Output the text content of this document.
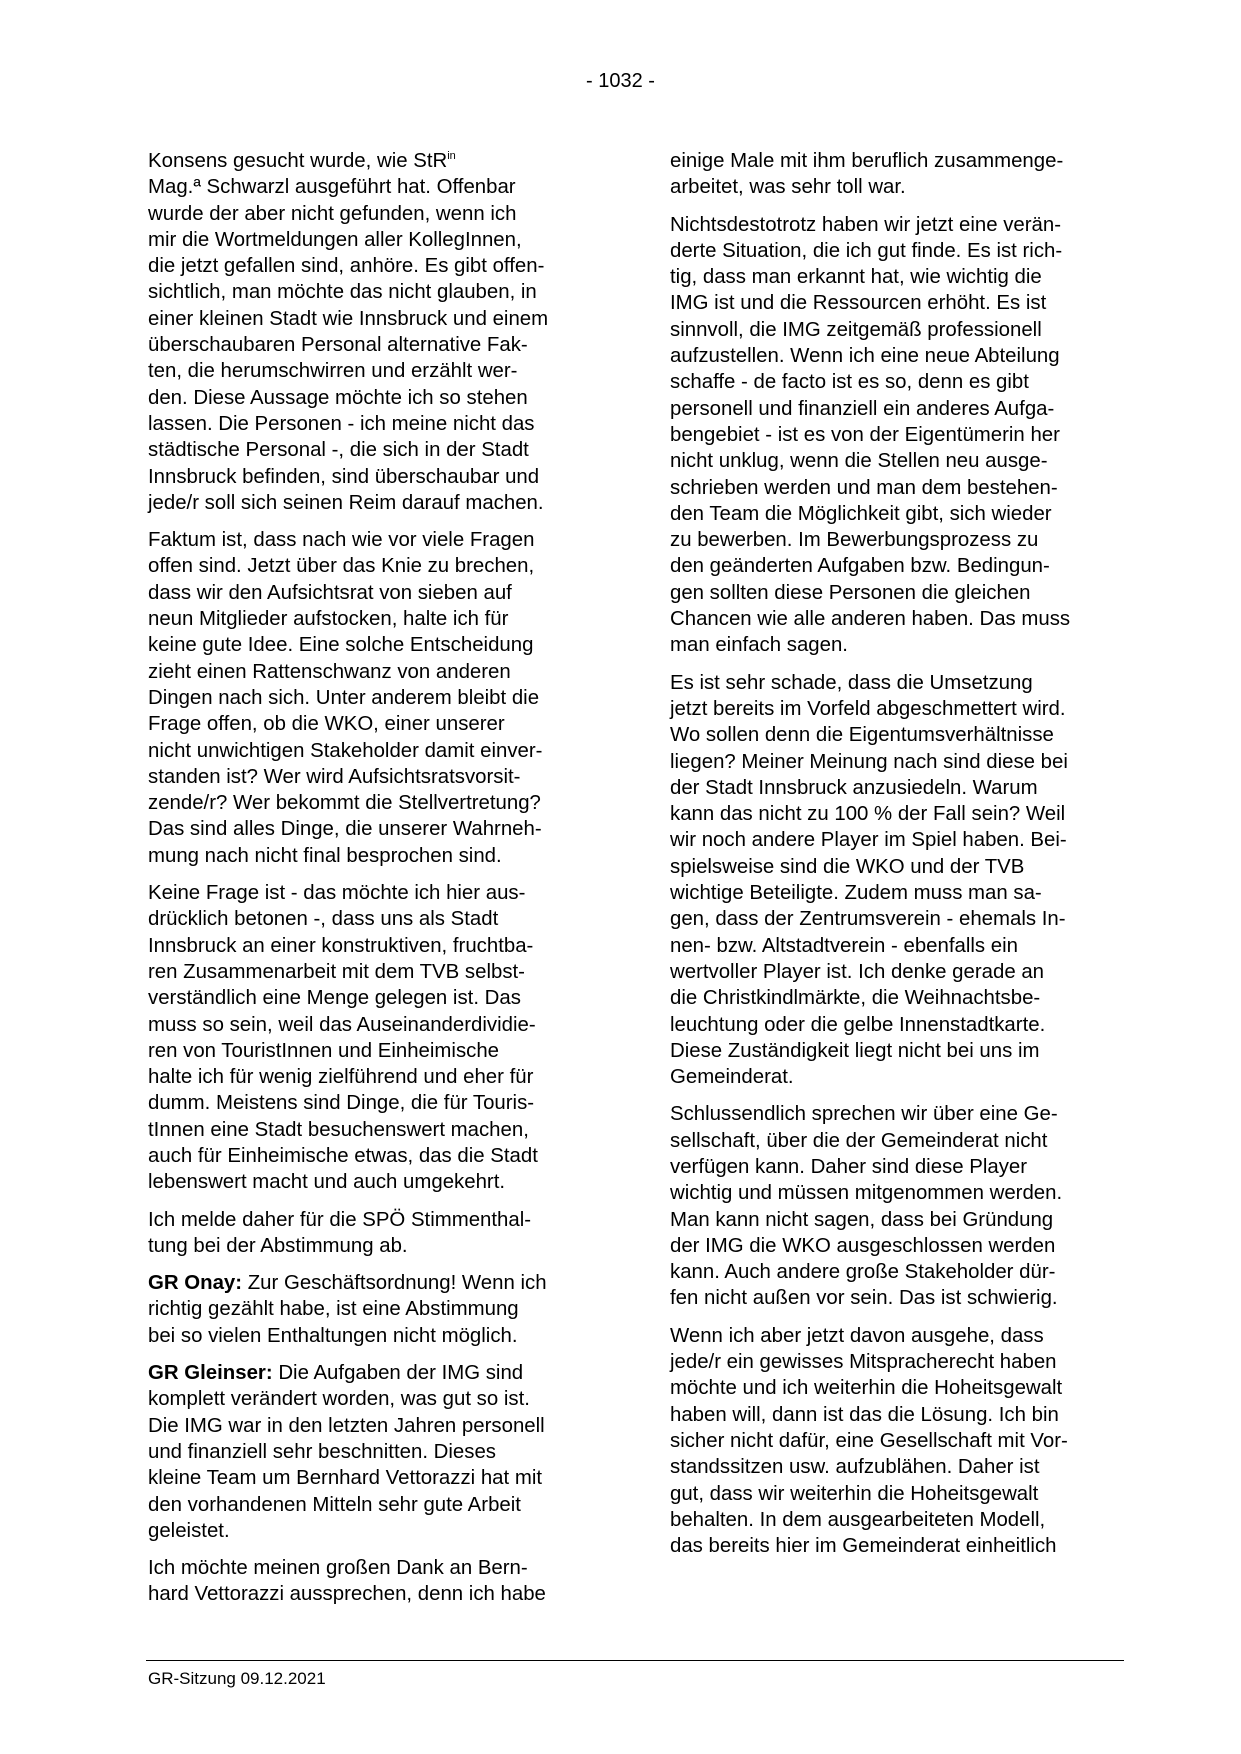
- 1032 -

Konsens gesucht wurde, wie StR$^{in}$
Mag.ª Schwarzl ausgeführt hat. Offenbar
wurde der aber nicht gefunden, wenn ich
mir die Wortmeldungen aller KollegInnen,
die jetzt gefallen sind, anhöre. Es gibt offen-
sichtlich, man möchte das nicht glauben, in
einer kleinen Stadt wie Innsbruck und einem
überschaubaren Personal alternative Fak-
ten, die herumschwirren und erzählt wer-
den. Diese Aussage möchte ich so stehen
lassen. Die Personen - ich meine nicht das
städtische Personal -, die sich in der Stadt
Innsbruck befinden, sind überschaubar und
jede/r soll sich seinen Reim darauf machen.

Faktum ist, dass nach wie vor viele Fragen
offen sind. Jetzt über das Knie zu brechen,
dass wir den Aufsichtsrat von sieben auf
neun Mitglieder aufstocken, halte ich für
keine gute Idee. Eine solche Entscheidung
zieht einen Rattenschwanz von anderen
Dingen nach sich. Unter anderem bleibt die
Frage offen, ob die WKO, einer unserer
nicht unwichtigen Stakeholder damit einver-
standen ist? Wer wird Aufsichtsratsvorsit-
zende/r? Wer bekommt die Stellvertretung?
Das sind alles Dinge, die unserer Wahrneh-
mung nach nicht final besprochen sind.

Keine Frage ist - das möchte ich hier aus-
drücklich betonen -, dass uns als Stadt
Innsbruck an einer konstruktiven, fruchtba-
ren Zusammenarbeit mit dem TVB selbst-
verständlich eine Menge gelegen ist. Das
muss so sein, weil das Auseinanderdividie-
ren von TouristInnen und Einheimische
halte ich für wenig zielführend und eher für
dumm. Meistens sind Dinge, die für Touris-
tInnen eine Stadt besuchenswert machen,
auch für Einheimische etwas, das die Stadt
lebenswert macht und auch umgekehrt.

Ich melde daher für die SPÖ Stimmenthal-
tung bei der Abstimmung ab.

GR Onay: Zur Geschäftsordnung! Wenn ich
richtig gezählt habe, ist eine Abstimmung
bei so vielen Enthaltungen nicht möglich.

GR Gleinser: Die Aufgaben der IMG sind
komplett verändert worden, was gut so ist.
Die IMG war in den letzten Jahren personell
und finanziell sehr beschnitten. Dieses
kleine Team um Bernhard Vettorazzi hat mit
den vorhandenen Mitteln sehr gute Arbeit
geleistet.

Ich möchte meinen großen Dank an Bern-
hard Vettorazzi aussprechen, denn ich habe

einige Male mit ihm beruflich zusammenge-
arbeitet, was sehr toll war.

Nichtsdestotrotz haben wir jetzt eine verän-
derte Situation, die ich gut finde. Es ist rich-
tig, dass man erkannt hat, wie wichtig die
IMG ist und die Ressourcen erhöht. Es ist
sinnvoll, die IMG zeitgemäß professionell
aufzustellen. Wenn ich eine neue Abteilung
schaffe - de facto ist es so, denn es gibt
personell und finanziell ein anderes Aufga-
bengebiet - ist es von der Eigentümerin her
nicht unklug, wenn die Stellen neu ausge-
schrieben werden und man dem bestehen-
den Team die Möglichkeit gibt, sich wieder
zu bewerben. Im Bewerbungsprozess zu
den geänderten Aufgaben bzw. Bedingun-
gen sollten diese Personen die gleichen
Chancen wie alle anderen haben. Das muss
man einfach sagen.

Es ist sehr schade, dass die Umsetzung
jetzt bereits im Vorfeld abgeschmettert wird.
Wo sollen denn die Eigentumsverhältnisse
liegen? Meiner Meinung nach sind diese bei
der Stadt Innsbruck anzusiedeln. Warum
kann das nicht zu 100 % der Fall sein? Weil
wir noch andere Player im Spiel haben. Bei-
spielsweise sind die WKO und der TVB
wichtige Beteiligte. Zudem muss man sa-
gen, dass der Zentrumsverein - ehemals In-
nen- bzw. Altstadtverein - ebenfalls ein
wertvoller Player ist. Ich denke gerade an
die Christkindlmärkte, die Weihnachtsbe-
leuchtung oder die gelbe Innenstadtkarte.
Diese Zuständigkeit liegt nicht bei uns im
Gemeinderat.

Schlussendlich sprechen wir über eine Ge-
sellschaft, über die der Gemeinderat nicht
verfügen kann. Daher sind diese Player
wichtig und müssen mitgenommen werden.
Man kann nicht sagen, dass bei Gründung
der IMG die WKO ausgeschlossen werden
kann. Auch andere große Stakeholder dür-
fen nicht außen vor sein. Das ist schwierig.

Wenn ich aber jetzt davon ausgehe, dass
jede/r ein gewisses Mitspracherecht haben
möchte und ich weiterhin die Hoheitsgewalt
haben will, dann ist das die Lösung. Ich bin
sicher nicht dafür, eine Gesellschaft mit Vor-
standssitzen usw. aufzublähen. Daher ist
gut, dass wir weiterhin die Hoheitsgewalt
behalten. In dem ausgearbeiteten Modell,
das bereits hier im Gemeinderat einheitlich

GR-Sitzung 09.12.2021
